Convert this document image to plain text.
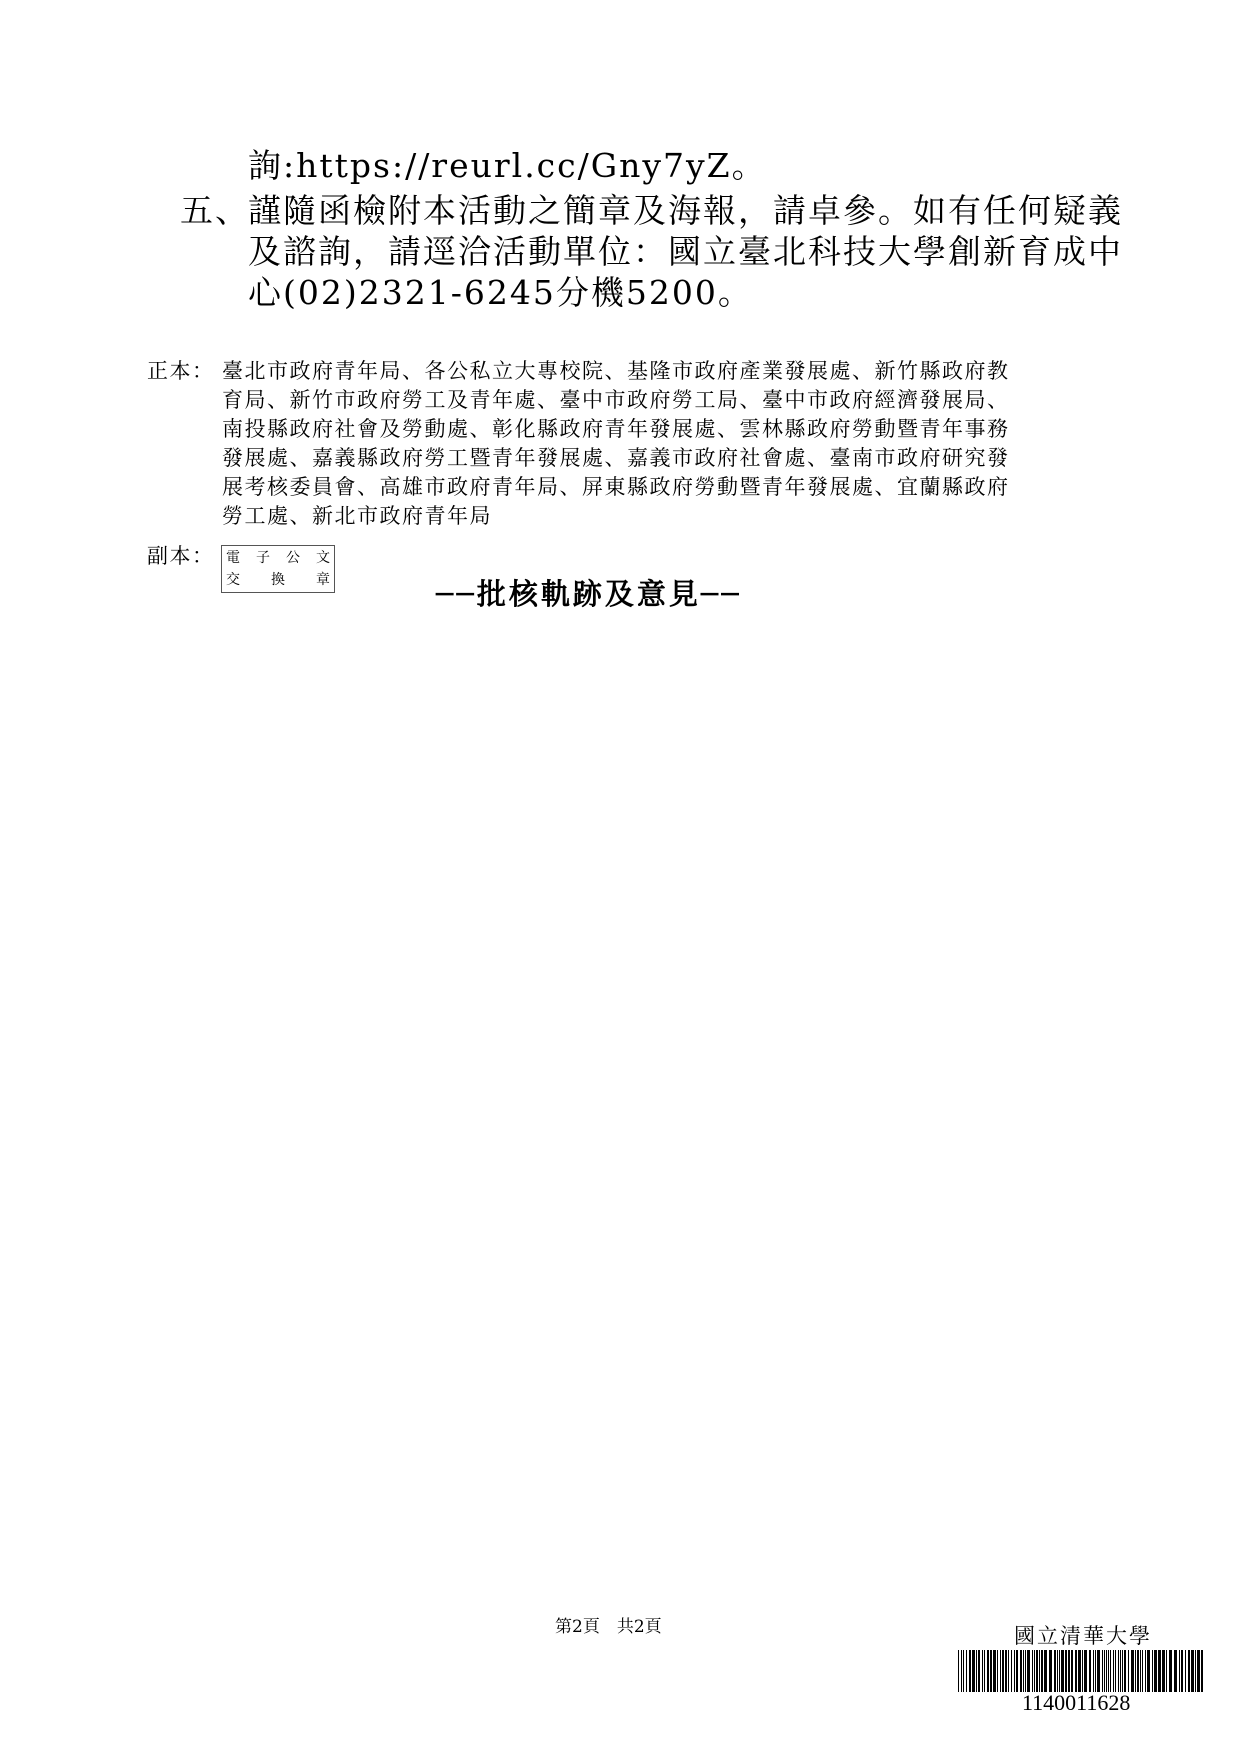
詢:https://reurl.cc/Gny7yZ。
五、
謹隨函檢附本活動之簡章及海報，請卓參。如有任何疑義
及諮詢，請逕洽活動單位：國立臺北科技大學創新育成中
心(02)2321-6245分機5200。
正本： 臺北市政府青年局、各公私立大專校院、基隆市政府產業發展處、新竹縣政府教
育局、新竹市政府勞工及青年處、臺中市政府勞工局、臺中市政府經濟發展局、
南投縣政府社會及勞動處、彰化縣政府青年發展處、雲林縣政府勞動暨青年事務
發展處、嘉義縣政府勞工暨青年發展處、嘉義市政府社會處、臺南市政府研究發
展考核委員會、高雄市政府青年局、屏東縣政府勞動暨青年發展處、宜蘭縣政府
勞工處、新北市政府青年局
副本： 電 子 公 文
交 換 章	──批核軌跡及意見──
第2頁　共2頁	國立清華大學
1140011628
